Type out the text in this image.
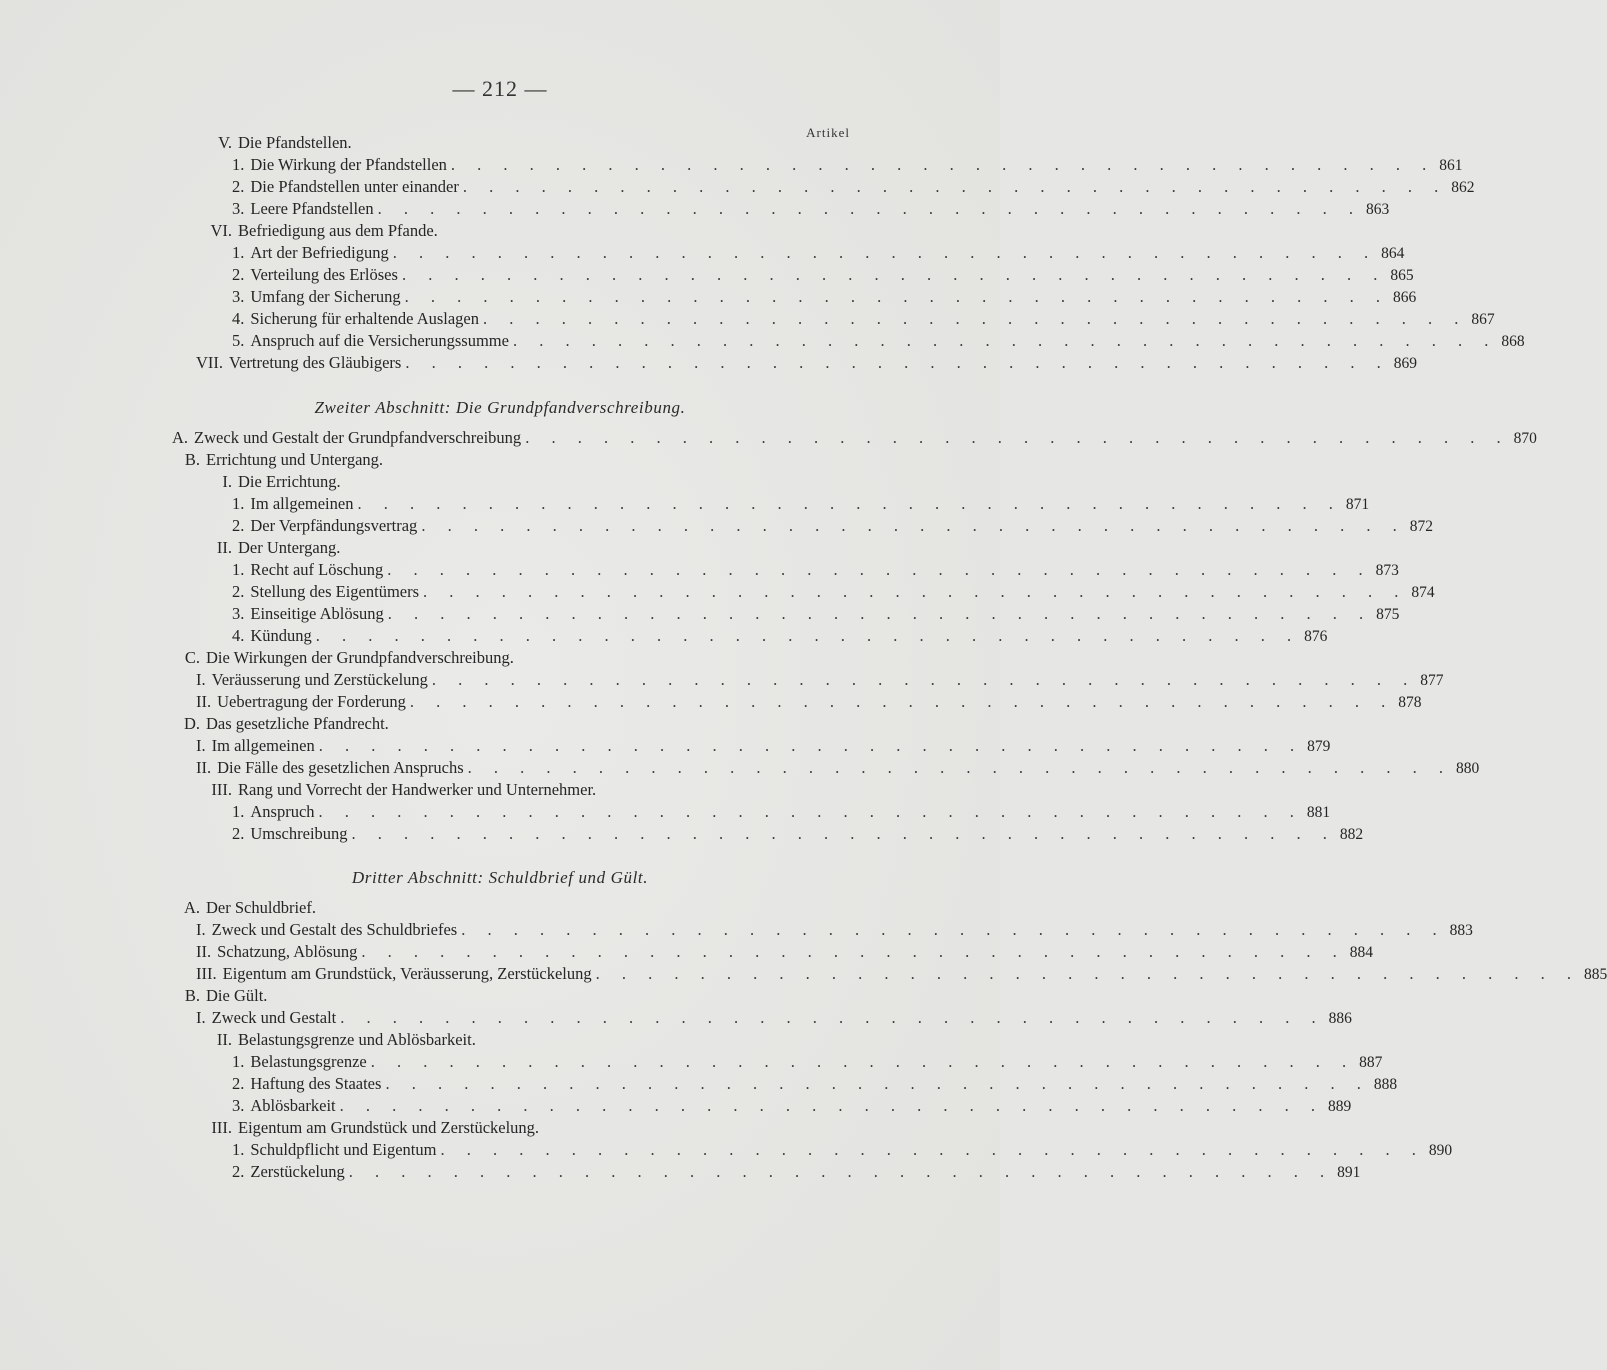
— 212 —
Artikel
Zweiter Abschnitt: Die Grundpfandverschreibung.
Dritter Abschnitt: Schuldbrief und Gült.
V. Die Pfandstellen.
1. Die Wirkung der Pfandstellen . . . . . . . . . . . . . . . . . . . . . . . . . . . . . . . . . . . . . . 861
2. Die Pfandstellen unter einander . . . . . . . . . . . . . . . . . . . . . . . . . . . . . . . . . . . . . . 862
3. Leere Pfandstellen . . . . . . . . . . . . . . . . . . . . . . . . . . . . . . . . . . . . . . 863
VI. Befriedigung aus dem Pfande.
1. Art der Befriedigung . . . . . . . . . . . . . . . . . . . . . . . . . . . . . . . . . . . . . . 864
2. Verteilung des Erlöses . . . . . . . . . . . . . . . . . . . . . . . . . . . . . . . . . . . . . . 865
3. Umfang der Sicherung . . . . . . . . . . . . . . . . . . . . . . . . . . . . . . . . . . . . . . 866
4. Sicherung für erhaltende Auslagen . . . . . . . . . . . . . . . . . . . . . . . . . . . . . . . . . . . . . . 867
5. Anspruch auf die Versicherungssumme . . . . . . . . . . . . . . . . . . . . . . . . . . . . . . . . . . . . . . 868
VII. Vertretung des Gläubigers . . . . . . . . . . . . . . . . . . . . . . . . . . . . . . . . . . . . . . 869
A. Zweck und Gestalt der Grundpfandverschreibung . . . . . . . . . . . . . . . . . . . . . . . . . . . . . . . . . . . . . . 870
B. Errichtung und Untergang.
I. Die Errichtung.
1. Im allgemeinen . . . . . . . . . . . . . . . . . . . . . . . . . . . . . . . . . . . . . . 871
2. Der Verpfändungsvertrag . . . . . . . . . . . . . . . . . . . . . . . . . . . . . . . . . . . . . . 872
II. Der Untergang.
1. Recht auf Löschung . . . . . . . . . . . . . . . . . . . . . . . . . . . . . . . . . . . . . . 873
2. Stellung des Eigentümers . . . . . . . . . . . . . . . . . . . . . . . . . . . . . . . . . . . . . . 874
3. Einseitige Ablösung . . . . . . . . . . . . . . . . . . . . . . . . . . . . . . . . . . . . . . 875
4. Kündung . . . . . . . . . . . . . . . . . . . . . . . . . . . . . . . . . . . . . . 876
C. Die Wirkungen der Grundpfandverschreibung.
I. Veräusserung und Zerstückelung . . . . . . . . . . . . . . . . . . . . . . . . . . . . . . . . . . . . . . 877
II. Uebertragung der Forderung . . . . . . . . . . . . . . . . . . . . . . . . . . . . . . . . . . . . . . 878
D. Das gesetzliche Pfandrecht.
I. Im allgemeinen . . . . . . . . . . . . . . . . . . . . . . . . . . . . . . . . . . . . . . 879
II. Die Fälle des gesetzlichen Anspruchs . . . . . . . . . . . . . . . . . . . . . . . . . . . . . . . . . . . . . . 880
III. Rang und Vorrecht der Handwerker und Unternehmer.
1. Anspruch . . . . . . . . . . . . . . . . . . . . . . . . . . . . . . . . . . . . . . 881
2. Umschreibung . . . . . . . . . . . . . . . . . . . . . . . . . . . . . . . . . . . . . . 882
A. Der Schuldbrief.
I. Zweck und Gestalt des Schuldbriefes . . . . . . . . . . . . . . . . . . . . . . . . . . . . . . . . . . . . . . 883
II. Schatzung, Ablösung . . . . . . . . . . . . . . . . . . . . . . . . . . . . . . . . . . . . . . 884
III. Eigentum am Grundstück, Veräusserung, Zerstückelung . . . . . . . . . . . . . . . . . . . . . . . . . . . . . . . . . . . . . . 885
B. Die Gült.
I. Zweck und Gestalt . . . . . . . . . . . . . . . . . . . . . . . . . . . . . . . . . . . . . . 886
II. Belastungsgrenze und Ablösbarkeit.
1. Belastungsgrenze . . . . . . . . . . . . . . . . . . . . . . . . . . . . . . . . . . . . . . 887
2. Haftung des Staates . . . . . . . . . . . . . . . . . . . . . . . . . . . . . . . . . . . . . . 888
3. Ablösbarkeit . . . . . . . . . . . . . . . . . . . . . . . . . . . . . . . . . . . . . . 889
III. Eigentum am Grundstück und Zerstückelung.
1. Schuldpflicht und Eigentum . . . . . . . . . . . . . . . . . . . . . . . . . . . . . . . . . . . . . . 890
2. Zerstückelung . . . . . . . . . . . . . . . . . . . . . . . . . . . . . . . . . . . . . . 891
